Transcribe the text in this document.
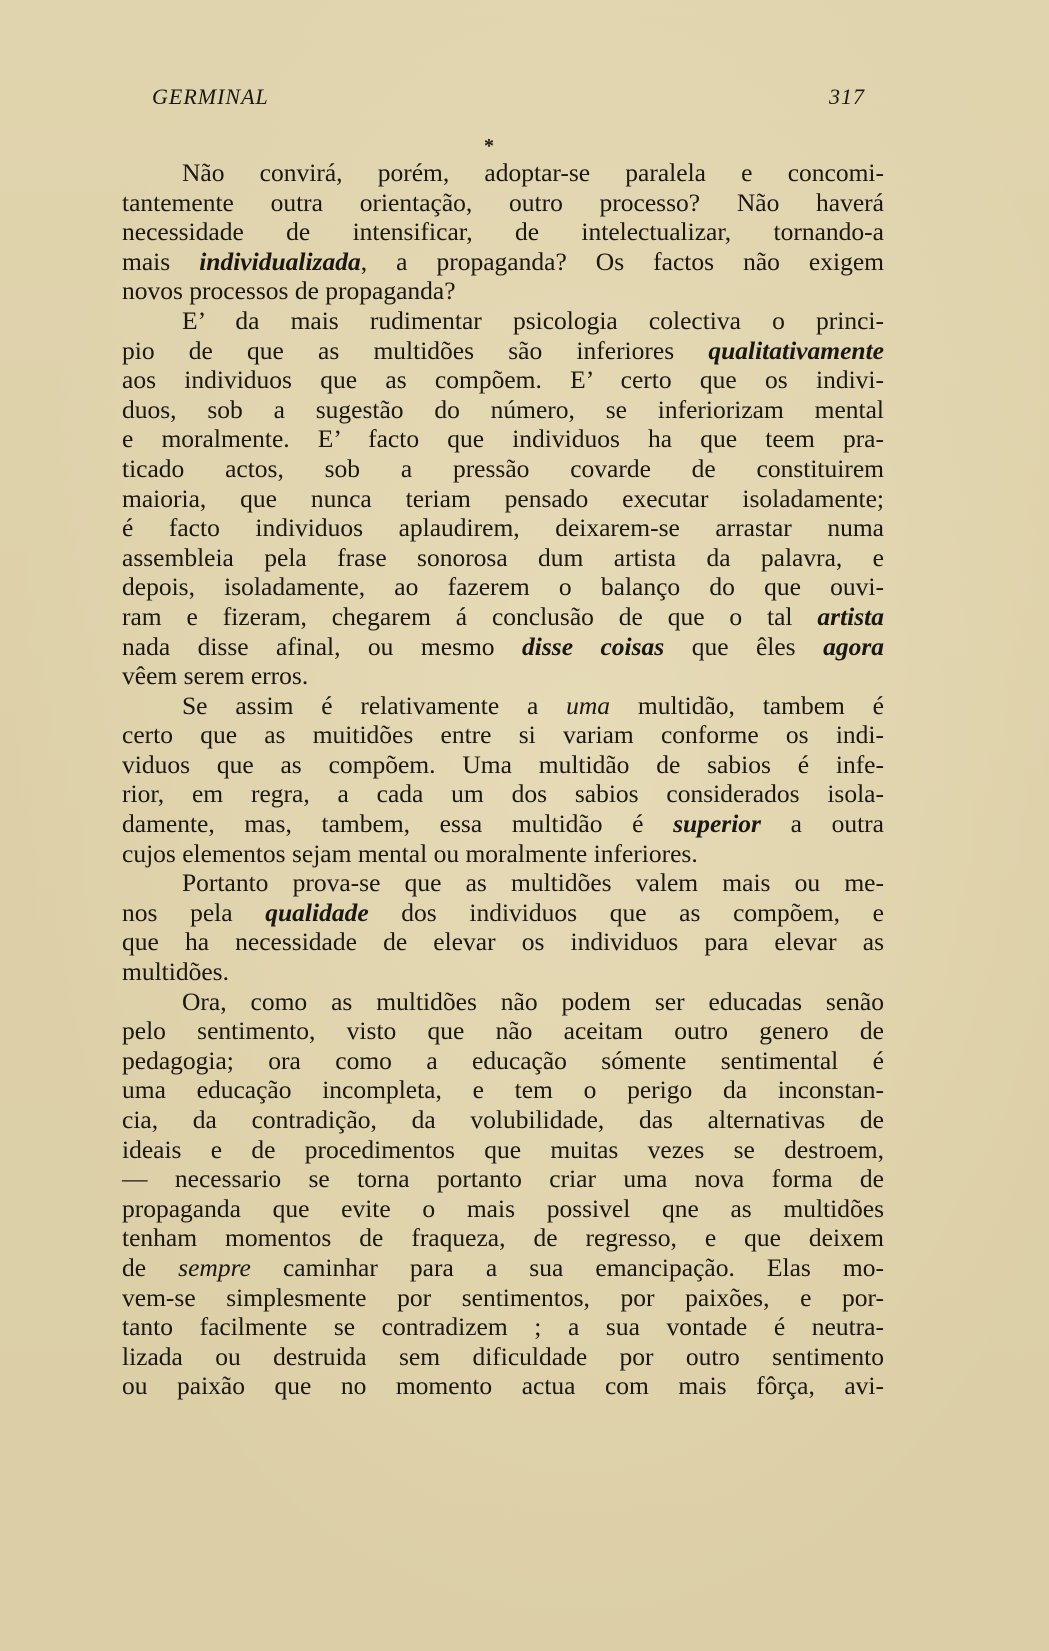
GERMINAL	317
*
Não convirá, porém, adoptar-se paralela e concomi-
tantemente outra orientação, outro processo? Não haverá
necessidade de intensificar, de intelectualizar, tornando-a
mais individualizada, a propaganda? Os factos não exigem
novos processos de propaganda?
E’ da mais rudimentar psicologia colectiva o princi-
pio de que as multidões são inferiores qualitativamente
aos individuos que as compõem. E’ certo que os indivi-
duos, sob a sugestão do número, se inferiorizam mental
e moralmente. E’ facto que individuos ha que teem pra-
ticado actos, sob a pressão covarde de constituirem
maioria, que nunca teriam pensado executar isoladamente;
é facto individuos aplaudirem, deixarem-se arrastar numa
assembleia pela frase sonorosa dum artista da palavra, e
depois, isoladamente, ao fazerem o balanço do que ouvi-
ram e fizeram, chegarem á conclusão de que o tal artista
nada disse afinal, ou mesmo disse coisas que êles agora
vêem serem erros.
Se assim é relativamente a uma multidão, tambem é
certo que as muitidões entre si variam conforme os indi-
viduos que as compõem. Uma multidão de sabios é infe-
rior, em regra, a cada um dos sabios considerados isola-
damente, mas, tambem, essa multidão é superior a outra
cujos elementos sejam mental ou moralmente inferiores.
Portanto prova-se que as multidões valem mais ou me-
nos pela qualidade dos individuos que as compõem, e
que ha necessidade de elevar os individuos para elevar as
multidões.
Ora, como as multidões não podem ser educadas senão
pelo sentimento, visto que não aceitam outro genero de
pedagogia; ora como a educação sómente sentimental é
uma educação incompleta, e tem o perigo da inconstan-
cia, da contradição, da volubilidade, das alternativas de
ideais e de procedimentos que muitas vezes se destroem,
— necessario se torna portanto criar uma nova forma de
propaganda que evite o mais possivel qne as multidões
tenham momentos de fraqueza, de regresso, e que deixem
de sempre caminhar para a sua emancipação. Elas mo-
vem-se simplesmente por sentimentos, por paixões, e por-
tanto facilmente se contradizem ; a sua vontade é neutra-
lizada ou destruida sem dificuldade por outro sentimento
ou paixão que no momento actua com mais fôrça, avi-
